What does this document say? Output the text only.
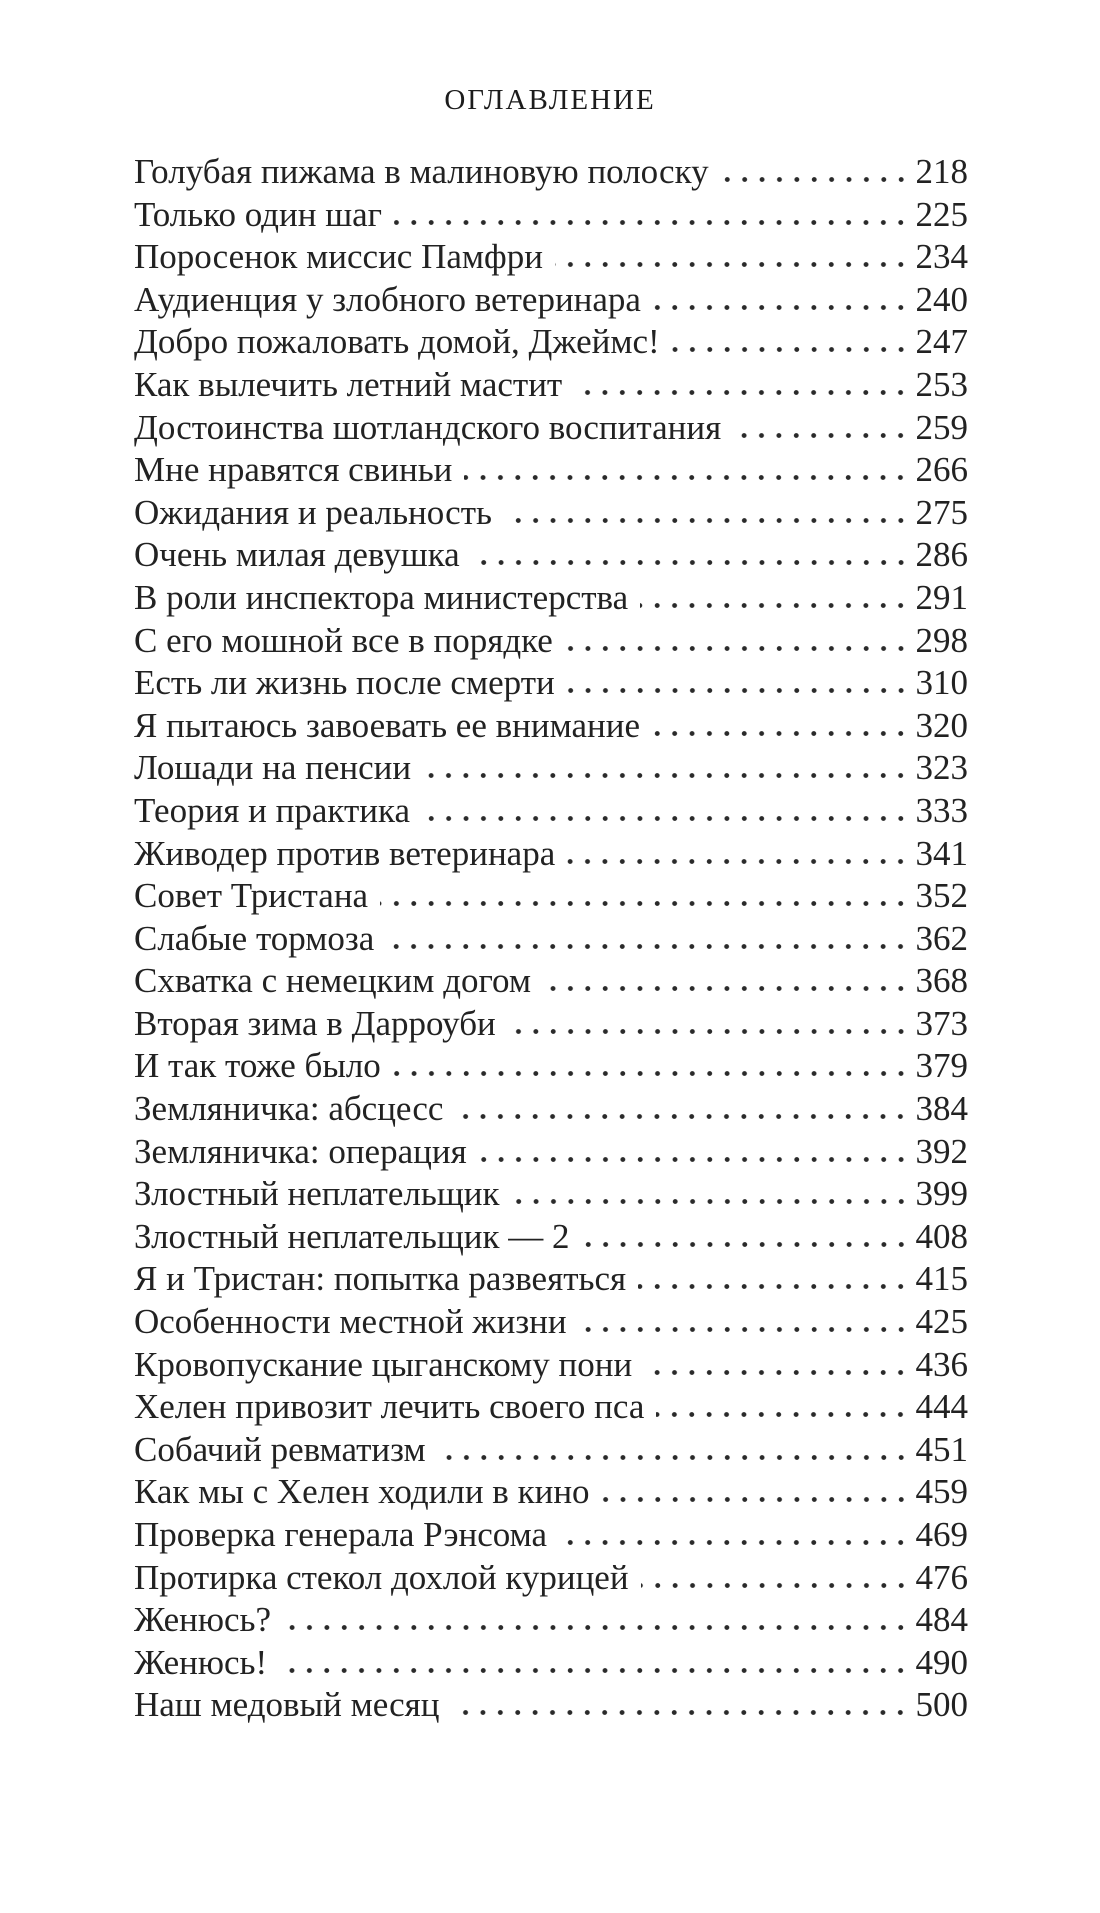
ОГЛАВЛЕНИЕ
Голубая пижама в малиновую полоску	218
Только один шаг	225
Поросенок миссис Памфри	234
Аудиенция у злобного ветеринара	240
Добро пожаловать домой, Джеймс!	247
Как вылечить летний мастит	253
Достоинства шотландского воспитания	259
Мне нравятся свиньи	266
Ожидания и реальность	275
Очень милая девушка	286
В роли инспектора министерства	291
С его мошной все в порядке	298
Есть ли жизнь после смерти	310
Я пытаюсь завоевать ее внимание	320
Лошади на пенсии	323
Теория и практика	333
Живодер против ветеринара	341
Совет Тристана	352
Слабые тормоза	362
Схватка с немецким догом	368
Вторая зима в Дарроуби	373
И так тоже было	379
Земляничка: абсцесс	384
Земляничка: операция	392
Злостный неплательщик	399
Злостный неплательщик — 2	408
Я и Тристан: попытка развеяться	415
Особенности местной жизни	425
Кровопускание цыганскому пони	436
Хелен привозит лечить своего пса	444
Собачий ревматизм	451
Как мы с Хелен ходили в кино	459
Проверка генерала Рэнсома	469
Протирка стекол дохлой курицей	476
Женюсь?	484
Женюсь!	490
Наш медовый месяц	500
